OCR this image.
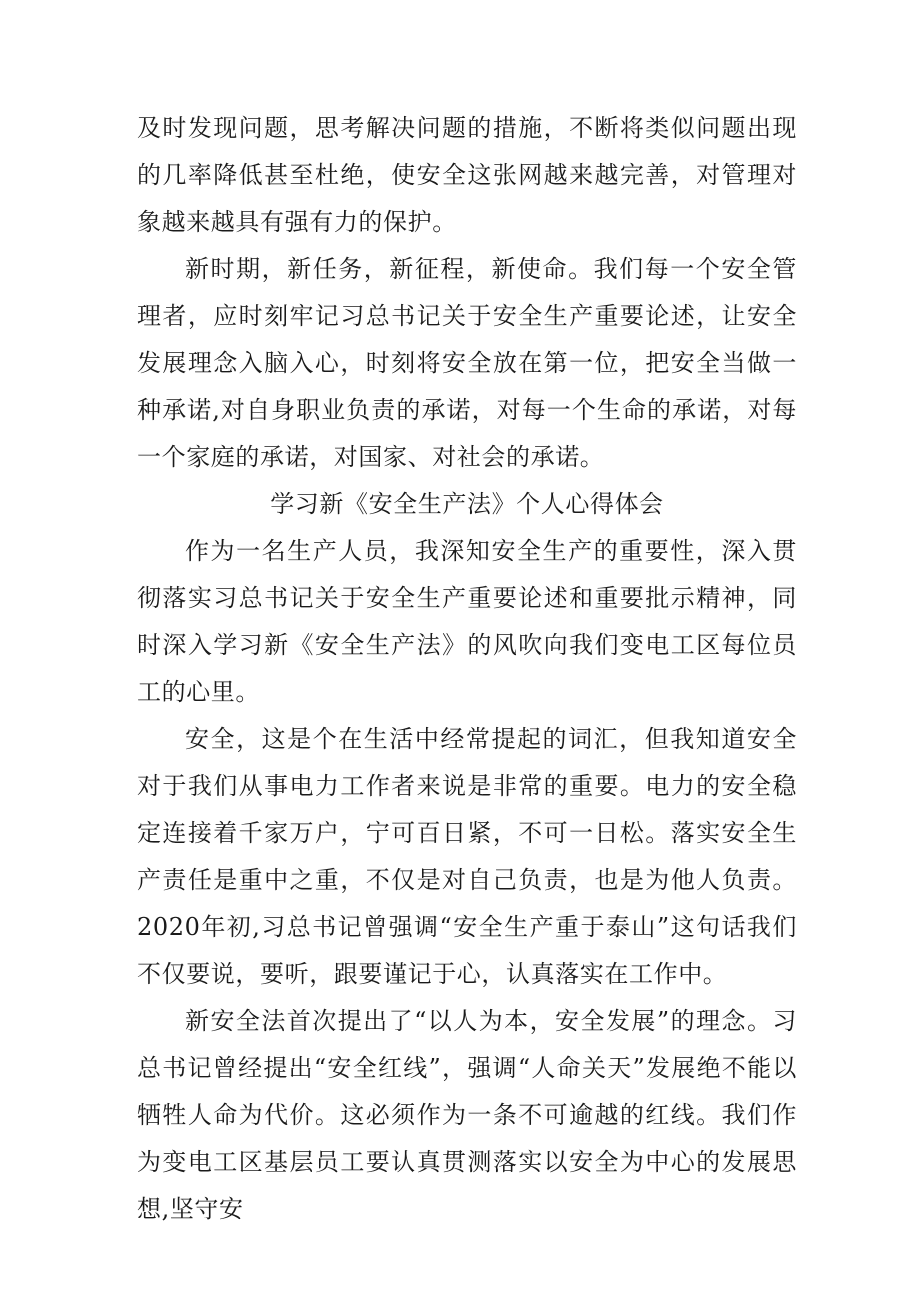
及时发现问题，思考解决问题的措施，不断将类似问题出现的几率降低甚至杜绝，使安全这张网越来越完善，对管理对象越来越具有强有力的保护。

新时期，新任务，新征程，新使命。我们每一个安全管理者，应时刻牢记习总书记关于安全生产重要论述，让安全发展理念入脑入心，时刻将安全放在第一位，把安全当做一种承诺,对自身职业负责的承诺，对每一个生命的承诺，对每一个家庭的承诺，对国家、对社会的承诺。

学习新《安全生产法》个人心得体会

作为一名生产人员，我深知安全生产的重要性，深入贯彻落实习总书记关于安全生产重要论述和重要批示精神，同时深入学习新《安全生产法》的风吹向我们变电工区每位员工的心里。

安全，这是个在生活中经常提起的词汇，但我知道安全对于我们从事电力工作者来说是非常的重要。电力的安全稳定连接着千家万户，宁可百日紧，不可一日松。落实安全生产责任是重中之重，不仅是对自己负责，也是为他人负责。2020年初,习总书记曾强调“安全生产重于泰山”这句话我们不仅要说，要听，跟要谨记于心，认真落实在工作中。

新安全法首次提出了“以人为本，安全发展”的理念。习总书记曾经提出“安全红线”，强调“人命关天”发展绝不能以牺牲人命为代价。这必须作为一条不可逾越的红线。我们作为变电工区基层员工要认真贯测落实以安全为中心的发展思想,坚守安
